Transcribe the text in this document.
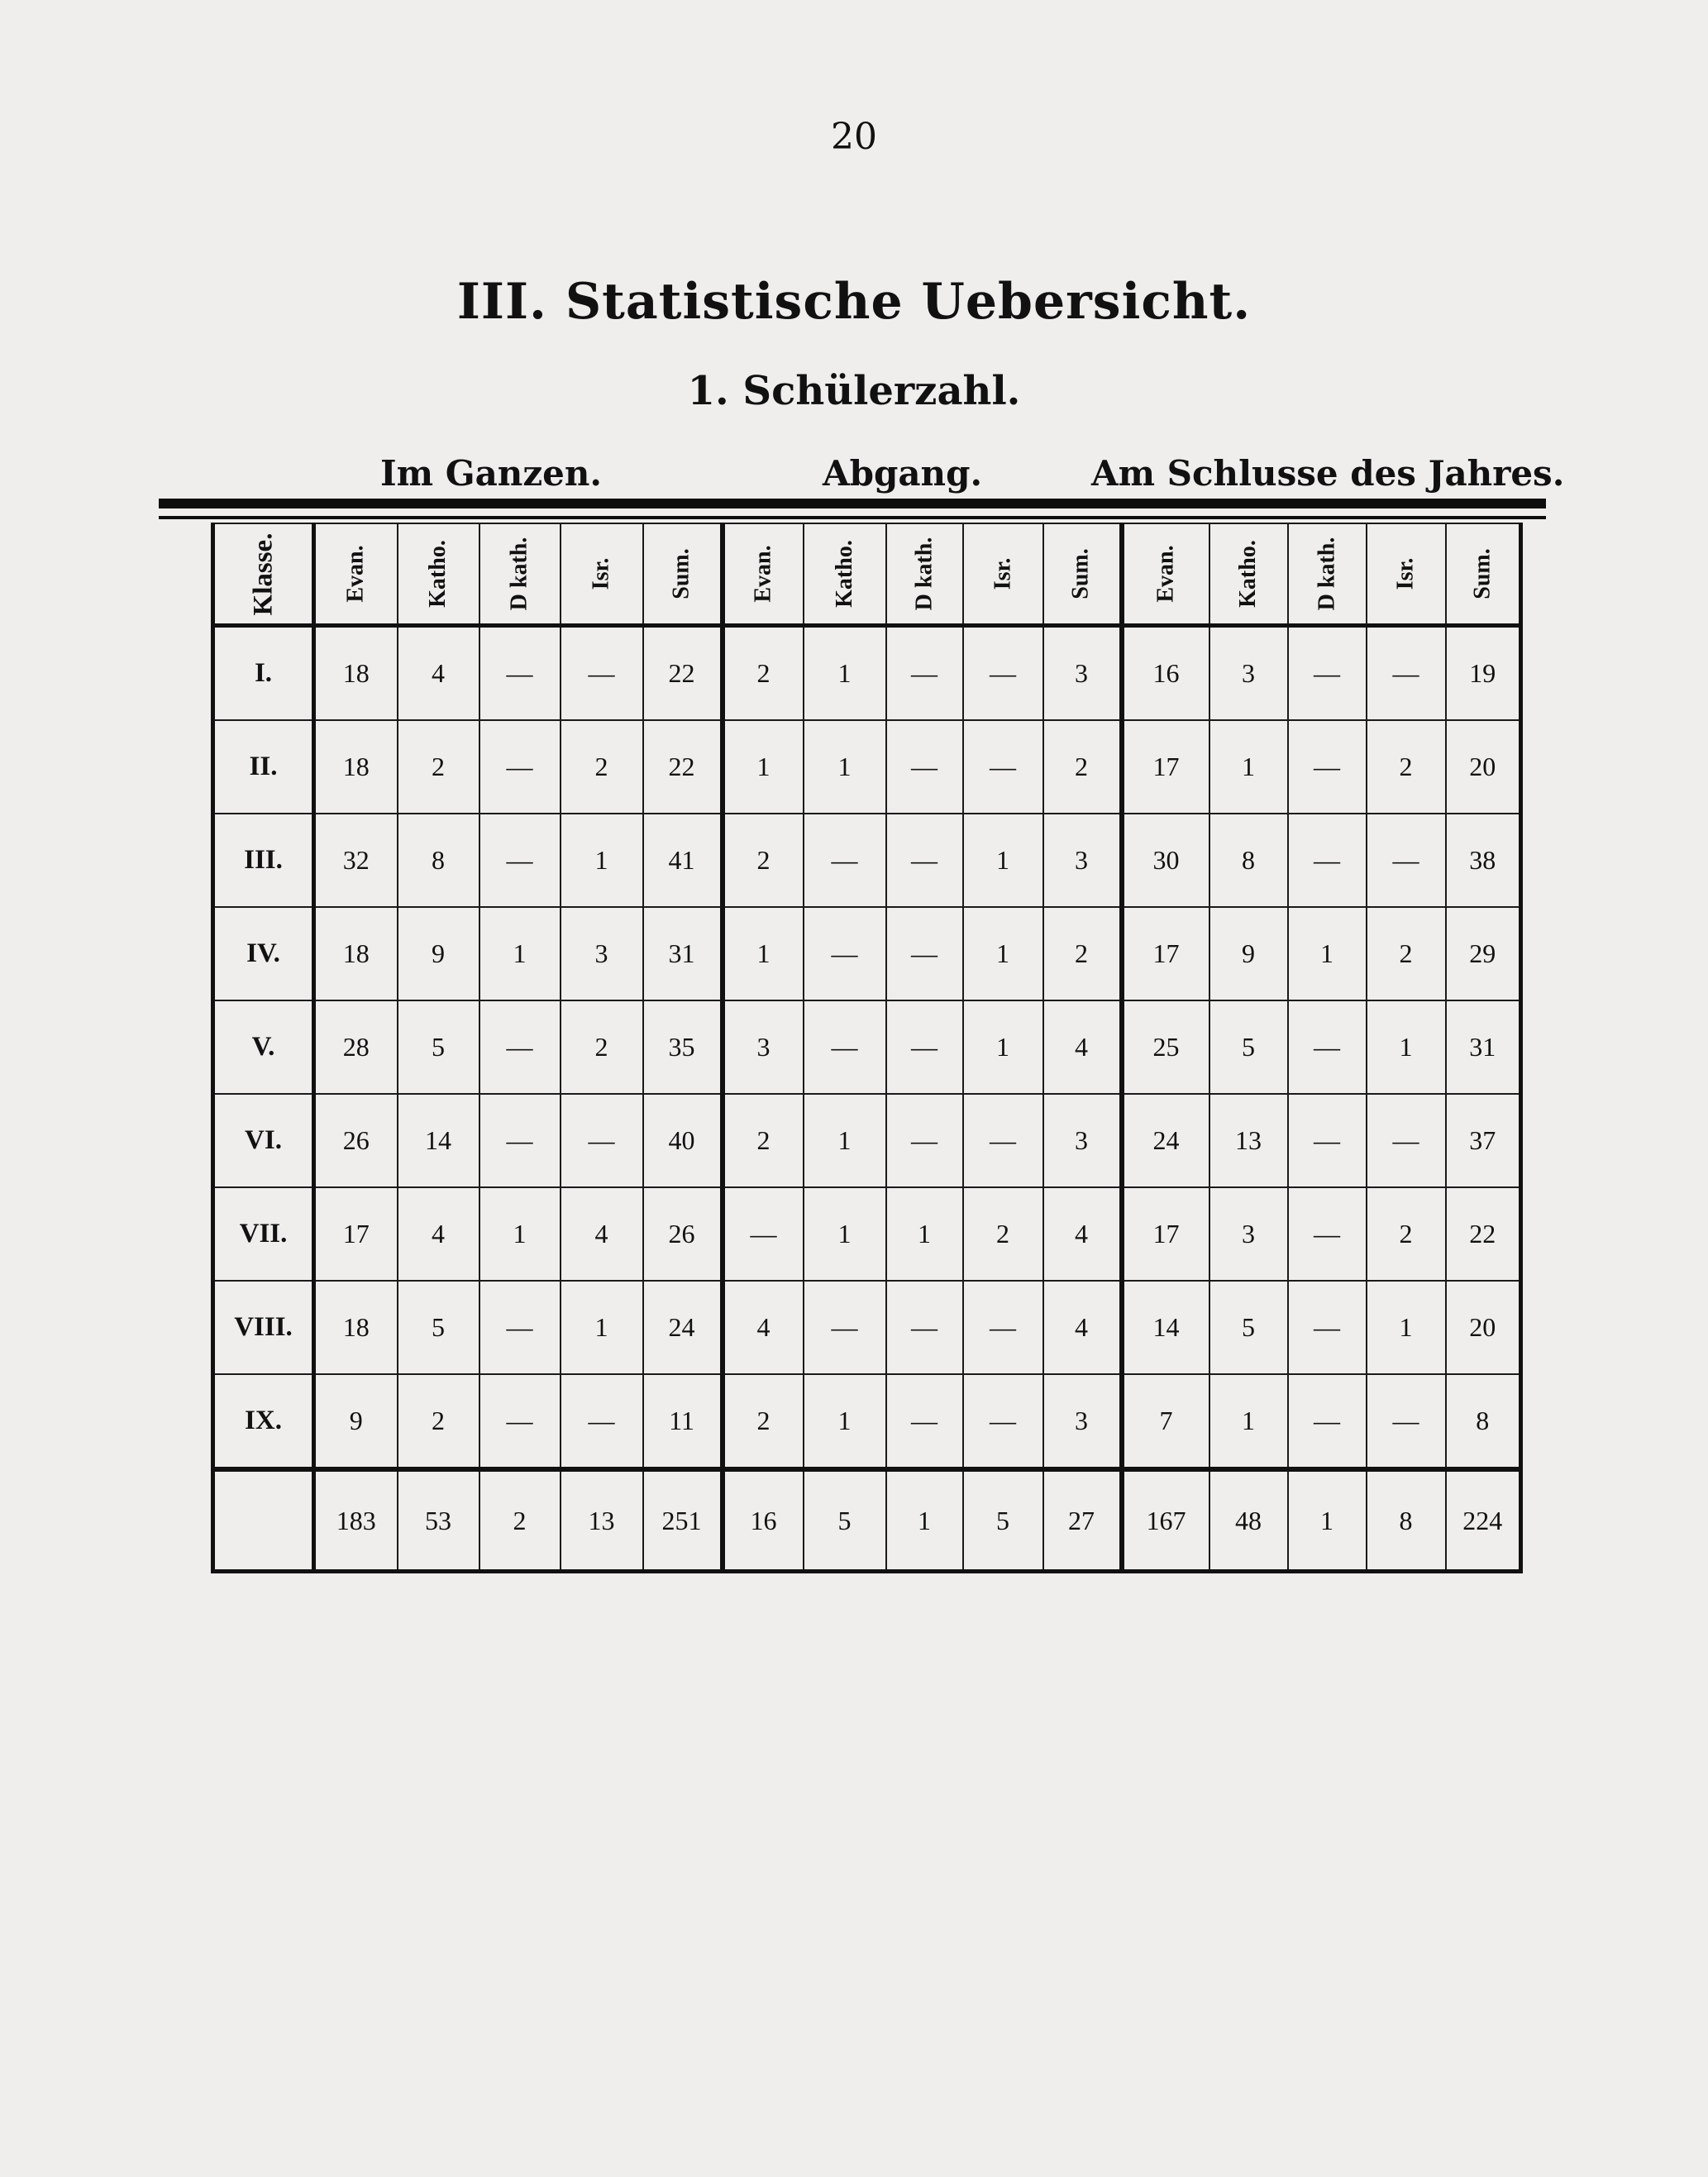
20
III. Statistische Uebersicht.
1. Schülerzahl.
Im Ganzen.	Abgang.	Am Schlusse des Jahres.
Klasse.	Evan.	Katho.	D kath.	Isr.	Sum.	Evan.	Katho.	D kath.	Isr.	Sum.	Evan.	Katho.	D kath.	Isr.	Sum.
I.	18	4	—	—	22	2	1	—	—	3	16	3	—	—	19
II.	18	2	—	2	22	1	1	—	—	2	17	1	—	2	20
III.	32	8	—	1	41	2	—	—	1	3	30	8	—	—	38
IV.	18	9	1	3	31	1	—	—	1	2	17	9	1	2	29
V.	28	5	—	2	35	3	—	—	1	4	25	5	—	1	31
VI.	26	14	—	—	40	2	1	—	—	3	24	13	—	—	37
VII.	17	4	1	4	26	—	1	1	2	4	17	3	—	2	22
VIII.	18	5	—	1	24	4	—	—	—	4	14	5	—	1	20
IX.	9	2	—	—	11	2	1	—	—	3	7	1	—	—	8
	183	53	2	13	251	16	5	1	5	27	167	48	1	8	224
